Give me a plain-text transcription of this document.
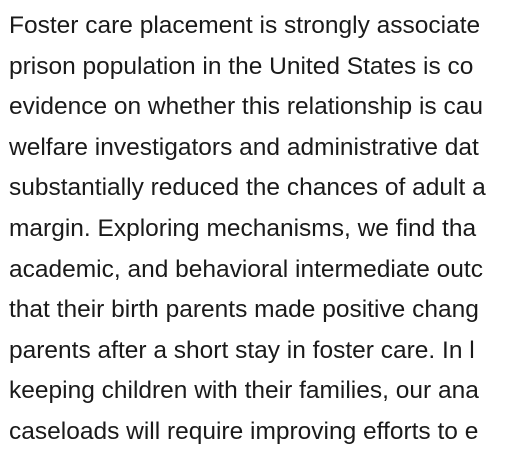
Foster care placement is strongly associate
prison population in the United States is co
evidence on whether this relationship is cau
welfare investigators and administrative dat
substantially reduced the chances of adult a
margin. Exploring mechanisms, we find tha
academic, and behavioral intermediate outc
that their birth parents made positive chang
parents after a short stay in foster care. In l
keeping children with their families, our ana
caseloads will require improving efforts to e
